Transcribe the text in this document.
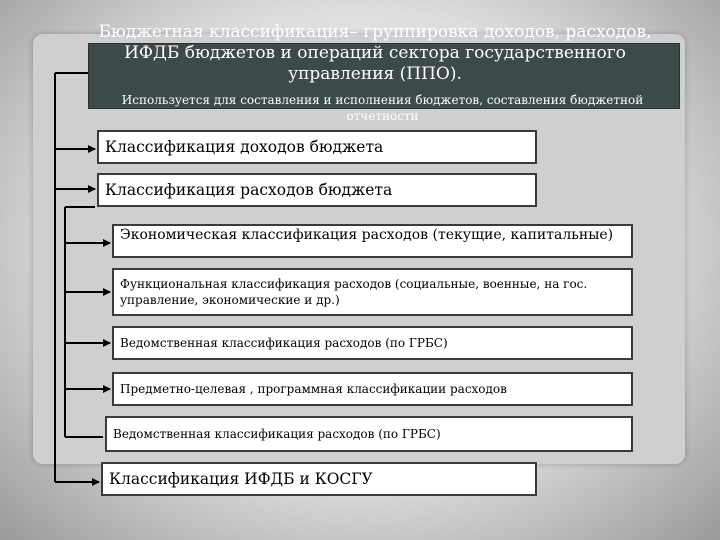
Бюджетная классификация– группировка доходов, расходов, ИФДБ бюджетов и операций сектора государственного управления (ППО).
Используется для составления и исполнения бюджетов, составления бюджетной отчетности
Классификация доходов бюджета
Классификация расходов бюджета
Экономическая классификация расходов (текущие, капитальные)
Функциональная классификация расходов (социальные, военные, на гос. управление, экономические и др.)
Ведомственная классификация расходов (по ГРБС)
Предметно-целевая , программная классификации расходов
Ведомственная классификация расходов (по ГРБС)
Классификация ИФДБ и КОСГУ
